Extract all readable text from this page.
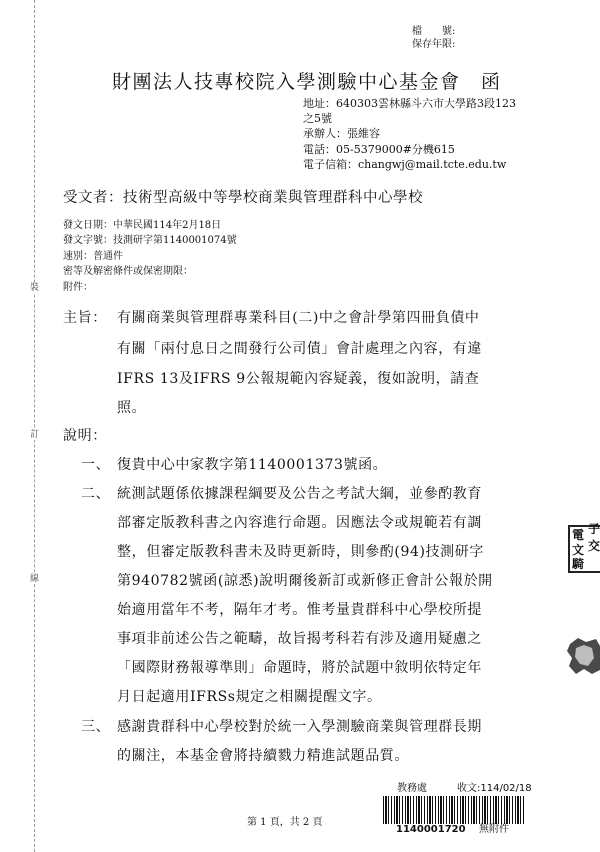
裝
訂
線
檔　　號:
保存年限:
財團法人技專校院入學測驗中心基金會　函
地址：640303雲林縣斗六市大學路3段123
之5號
承辦人：張維容
電話：05-5379000#分機615
電子信箱：changwj@mail.tcte.edu.tw
受文者：技術型高級中等學校商業與管理群科中心學校
發文日期：中華民國114年2月18日
發文字號：技測研字第1140001074號
速別：普通件
密等及解密條件或保密期限：
附件：
主旨： 有關商業與管理群專業科目(二)中之會計學第四冊負債中
有關「兩付息日之間發行公司債」會計處理之內容，有違
IFRS 13及IFRS 9公報規範內容疑義，復如說明，請查
照。
說明：
一、 復貴中心中家教字第1140001373號函。
二、 統測試題係依據課程綱要及公告之考試大綱，並參酌教育
部審定版教科書之內容進行命題。因應法令或規範若有調
整，但審定版教科書未及時更新時，則參酌(94)技測研字
第940782號函(諒悉)說明爾後新訂或新修正會計公報於開
始適用當年不考，隔年才考。惟考量貴群科中心學校所提
事項非前述公告之範疇，故旨揭考科若有涉及適用疑慮之
「國際財務報導準則」命題時，將於試題中敘明依特定年
月日起適用IFRSs規定之相關提醒文字。
三、 感謝貴群科中心學校對於統一入學測驗商業與管理群長期
的關注，本基金會將持續戮力精進試題品質。
教務處	收文:114/02/18
1140001720 無附件
第 1 頁，共 2 頁
電 子
文 交
騎
